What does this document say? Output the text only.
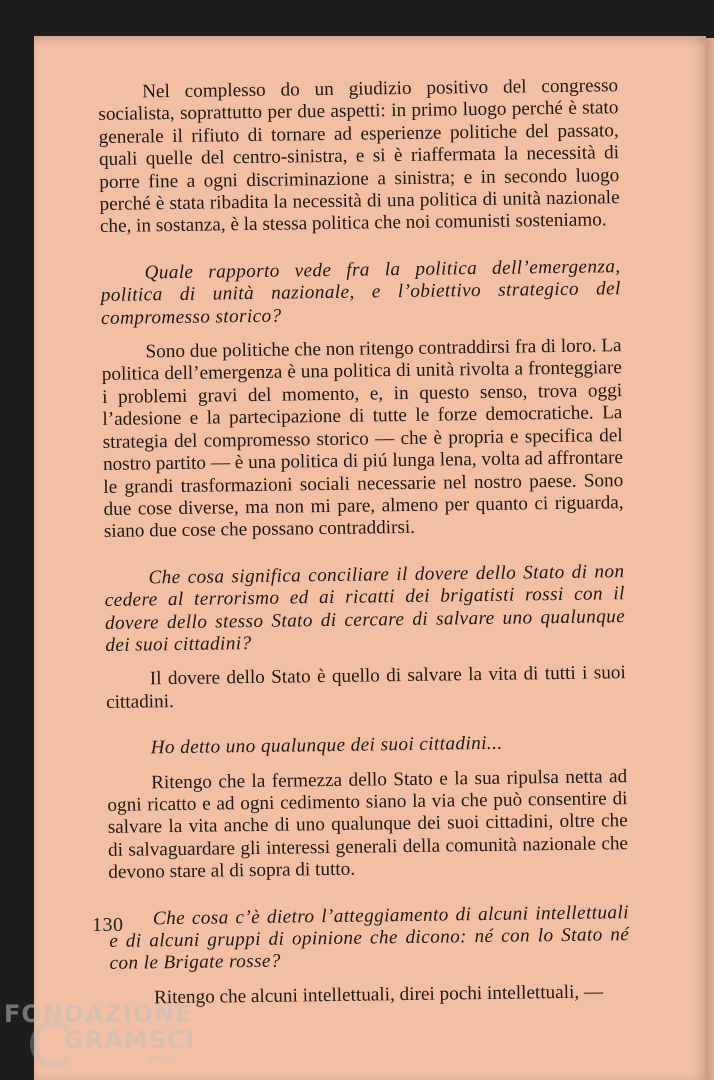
Nel complesso do un giudizio positivo del congresso socialista, soprattutto per due aspetti: in primo luogo perché è stato generale il rifiuto di tornare ad esperienze politiche del passato, quali quelle del centro-sinistra, e si è riaffermata la necessità di porre fine a ogni discriminazione a sinistra; e in secondo luogo perché è stata ribadita la necessità di una politica di unità nazionale che, in sostanza, è la stessa politica che noi comunisti sosteniamo.

Quale rapporto vede fra la politica dell’emergenza, politica di unità nazionale, e l’obiettivo strategico del compromesso storico?

Sono due politiche che non ritengo contraddirsi fra di loro. La politica dell’emergenza è una politica di unità rivolta a fronteggiare i problemi gravi del momento, e, in questo senso, trova oggi l’adesione e la partecipazione di tutte le forze democratiche. La strategia del compromesso storico — che è propria e specifica del nostro partito — è una politica di piú lunga lena, volta ad affrontare le grandi trasformazioni sociali necessarie nel nostro paese. Sono due cose diverse, ma non mi pare, almeno per quanto ci riguarda, siano due cose che possano contraddirsi.

Che cosa significa conciliare il dovere dello Stato di non cedere al terrorismo ed ai ricatti dei brigatisti rossi con il dovere dello stesso Stato di cercare di salvare uno qualunque dei suoi cittadini?

Il dovere dello Stato è quello di salvare la vita di tutti i suoi cittadini.

Ho detto uno qualunque dei suoi cittadini...

Ritengo che la fermezza dello Stato e la sua ripulsa netta ad ogni ricatto e ad ogni cedimento siano la via che può consentire di salvare la vita anche di uno qualunque dei suoi cittadini, oltre che di salvaguardare gli interessi generali della comunità nazionale che devono stare al di sopra di tutto.

Che cosa c’è dietro l’atteggiamento di alcuni intellettuali e di alcuni gruppi di opinione che dicono: né con lo Stato né con le Brigate rosse?

Ritengo che alcuni intellettuali, direi pochi intellettuali, —

130
FONDAZIONE
GRAMSCI
onlus
